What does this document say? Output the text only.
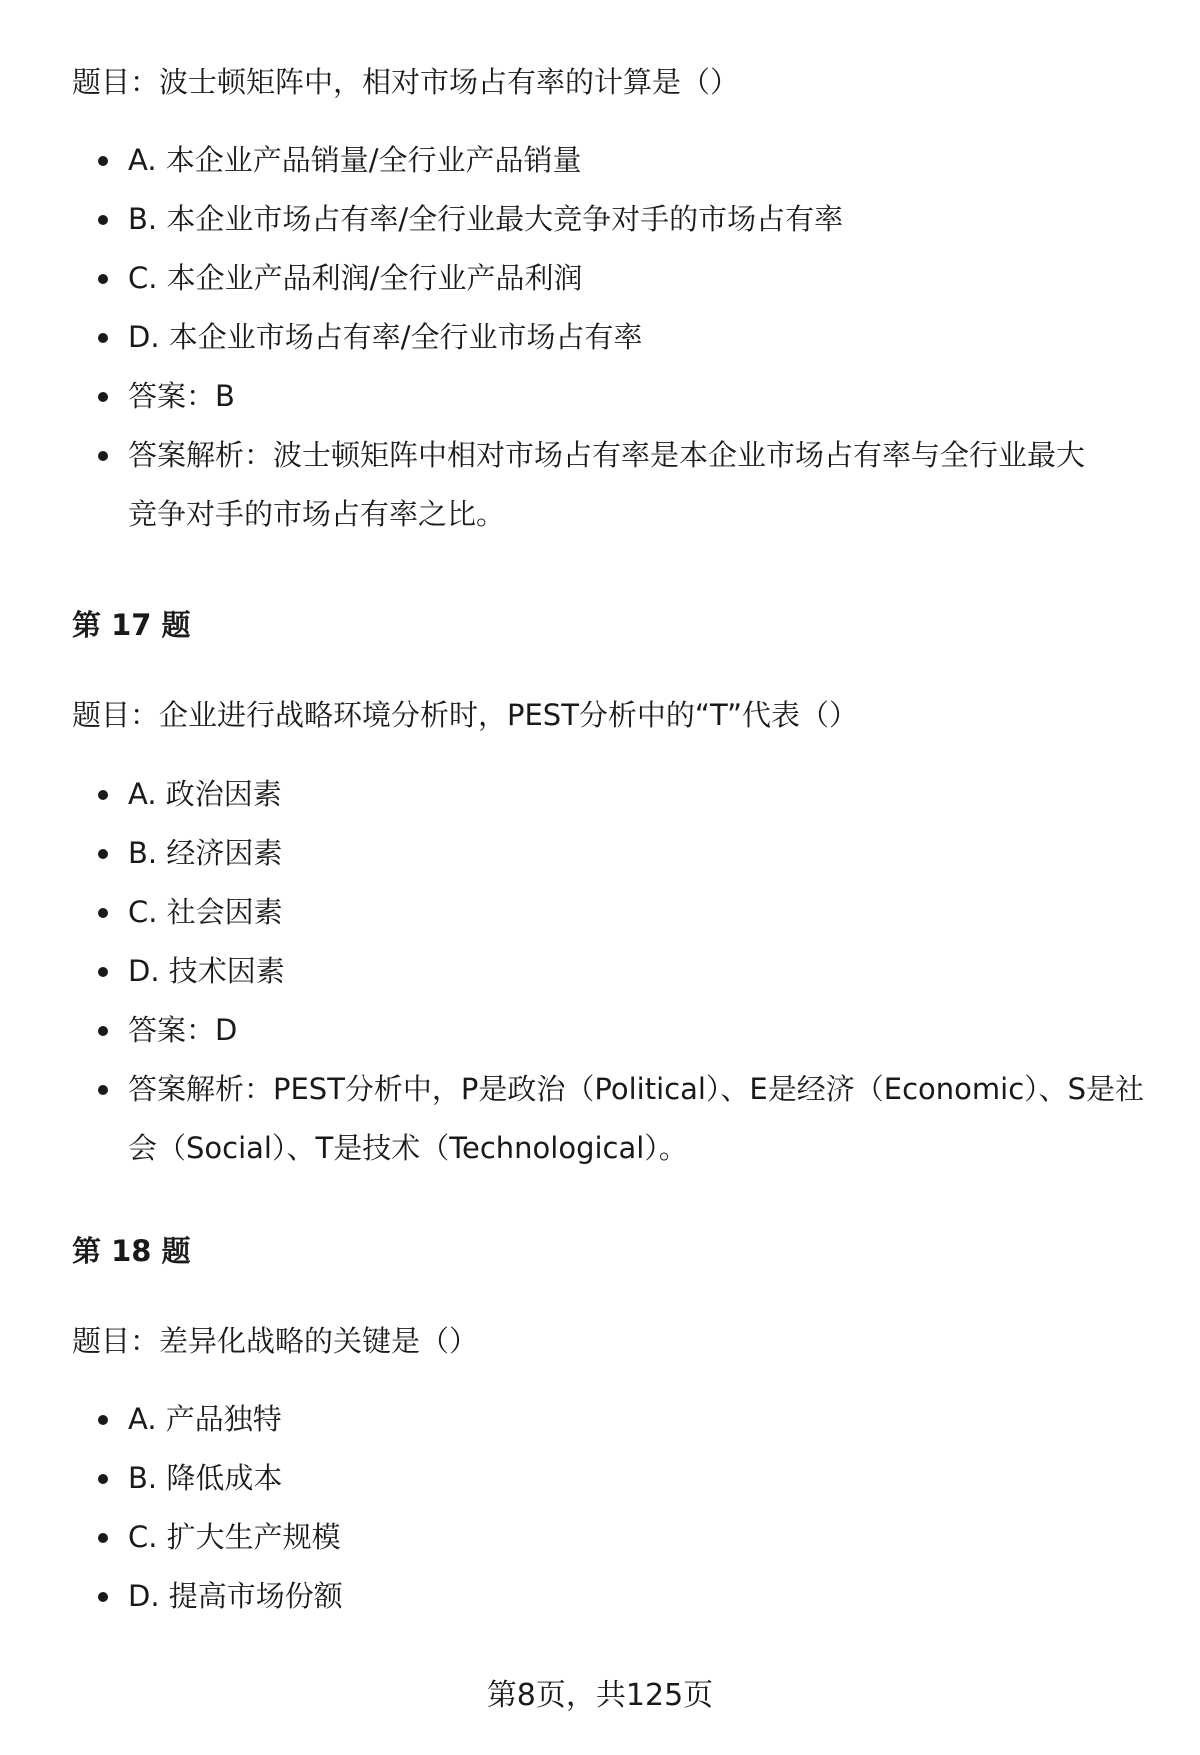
题目：波士顿矩阵中，相对市场占有率的计算是（）

A. 本企业产品销量/全行业产品销量
B. 本企业市场占有率/全行业最大竞争对手的市场占有率
C. 本企业产品利润/全行业产品利润
D. 本企业市场占有率/全行业市场占有率
答案：B
答案解析：波士顿矩阵中相对市场占有率是本企业市场占有率与全行业最大竞争对手的市场占有率之比。

第 17 题

题目：企业进行战略环境分析时，PEST分析中的“T”代表（）

A. 政治因素
B. 经济因素
C. 社会因素
D. 技术因素
答案：D
答案解析：PEST分析中，P是政治（Political）、E是经济（Economic）、S是社会（Social）、T是技术（Technological）。

第 18 题

题目：差异化战略的关键是（）

A. 产品独特
B. 降低成本
C. 扩大生产规模
D. 提高市场份额
第8页，共125页
